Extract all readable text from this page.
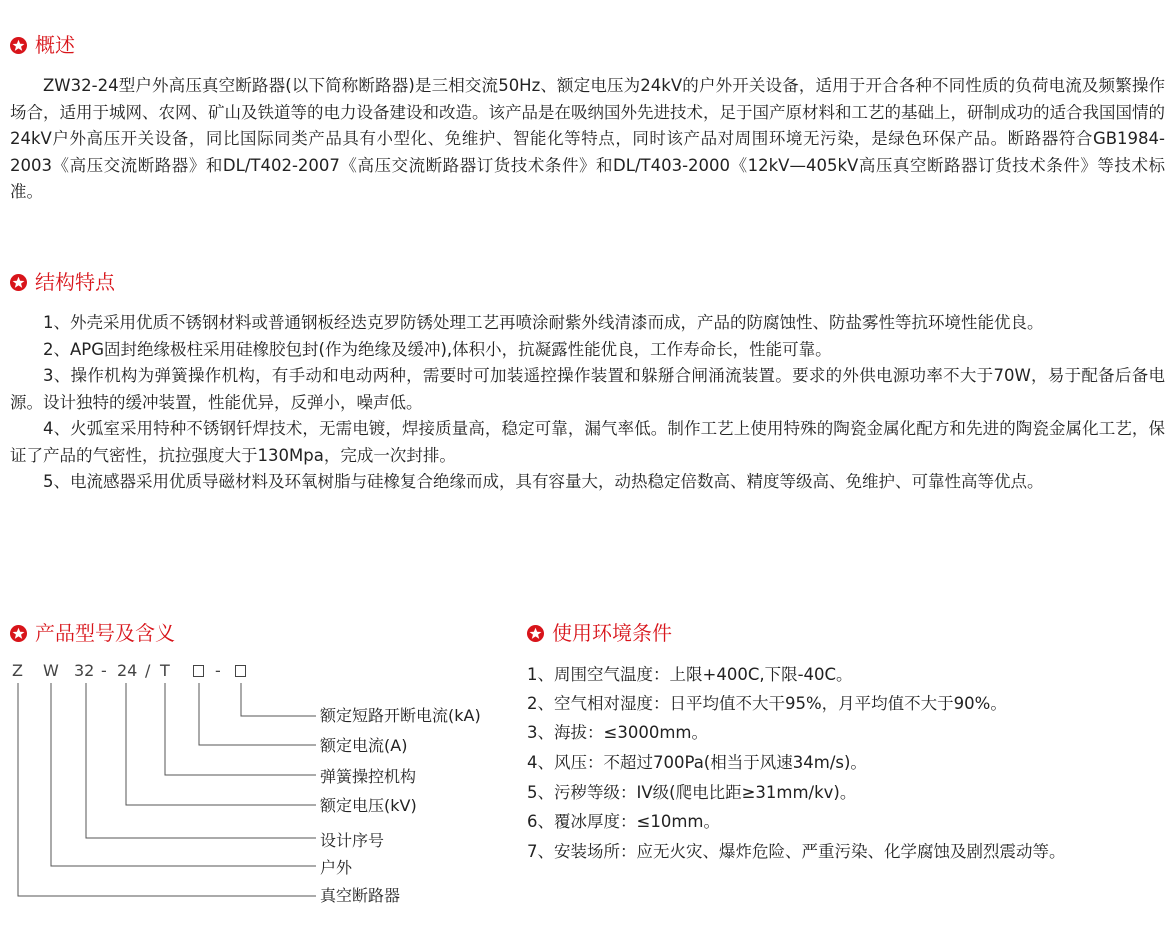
概述
ZW32-24型户外高压真空断路器(以下简称断路器)是三相交流50Hz、额定电压为24kV的户外开关设备，适用于开合各种不同性质的负荷电流及频繁操作场合，适用于城网、农网、矿山及铁道等的电力设备建设和改造。该产品是在吸纳国外先进技术，足于国产原材料和工艺的基础上，研制成功的适合我国国情的24kV户外高压开关设备，同比国际同类产品具有小型化、免维护、智能化等特点，同时该产品对周围环境无污染，是绿色环保产品。断路器符合GB1984-2003《高压交流断路器》和DL/T402-2007《高压交流断路器订货技术条件》和DL/T403-2000《12kV—405kV高压真空断路器订货技术条件》等技术标准。
结构特点
1、外壳采用优质不锈钢材料或普通钢板经迭克罗防锈处理工艺再喷涂耐紫外线清漆而成，产品的防腐蚀性、防盐雾性等抗环境性能优良。
2、APG固封绝缘极柱采用硅橡胶包封(作为绝缘及缓冲),体积小，抗凝露性能优良，工作寿命长，性能可靠。
3、操作机构为弹簧操作机构，有手动和电动两种，需要时可加装遥控操作装置和躲掰合闸涌流装置。要求的外供电源功率不大于70W，易于配备后备电源。设计独特的缓冲装置，性能优异，反弹小，噪声低。
4、火弧室采用特种不锈钢钎焊技术，无需电镀，焊接质量高，稳定可靠，漏气率低。制作工艺上使用特殊的陶瓷金属化配方和先进的陶瓷金属化工艺，保证了产品的气密性，抗拉强度大于130Mpa，完成一次封排。
5、电流感器采用优质导磁材料及环氧树脂与硅橡复合绝缘而成，具有容量大，动热稳定倍数高、精度等级高、免维护、可靠性高等优点。
产品型号及含义
Z W 32 - 24 / T	-
额定短路开断电流(kA)
额定电流(A)
弹簧操控机构
额定电压(kV)
设计序号
户外
真空断路器
使用环境条件
1、周围空气温度：上限+400C,下限-40C。
2、空气相对湿度：日平均值不大干95%，月平均值不大于90%。
3、海拔：≤3000mm。
4、风压：不超过700Pa(相当于风速34m/s)。
5、污秽等级：IV级(爬电比距≥31mm/kv)。
6、覆冰厚度：≤10mm。
7、安装场所：应无火灾、爆炸危险、严重污染、化学腐蚀及剧烈震动等。
